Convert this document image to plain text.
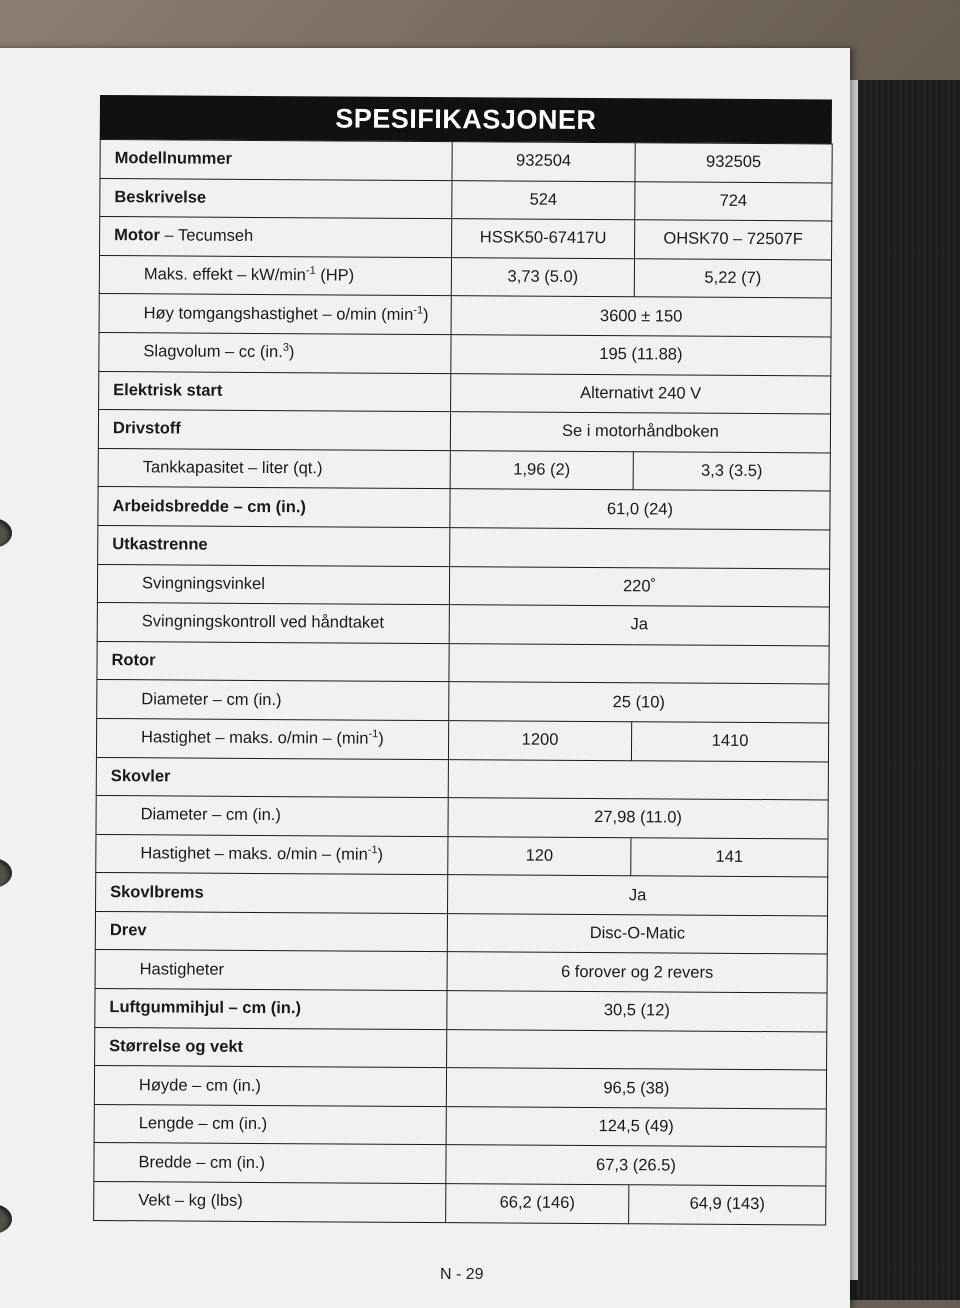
SPESIFIKASJONER
Modellnummer	932504	932505
Beskrivelse	524	724
Motor – Tecumseh	HSSK50-67417U	OHSK70 – 72507F
Maks. effekt – $kW/\min^{-1}$ (HP)	3,73 (5.0)	5,22 (7)
Høy tomgangshastighet – o/min $(\min^{-1})$	3600 ± 150	
Slagvolum – cc (in.$^3$)	195 (11.88)	
Elektrisk start	Alternativt 240 V	
Drivstoff	Se i motorhåndboken	
Tankkapasitet – liter (qt.)	1,96 (2)	3,3 (3.5)
Arbeidsbredde – cm (in.)	61,0 (24)	
Utkastrenne		
Svingningsvinkel	220˚	
Svingningskontroll ved håndtaket	Ja	
Rotor		
Diameter – cm (in.)	25 (10)	
Hastighet – maks. $o/\min - (\min^{-1})$	1200	1410
Skovler		
Diameter – cm (in.)	27,98 (11.0)	
Hastighet – maks. $o/\min - (\min^{-1})$	120	141
Skovlbrems	Ja	
Drev	Disc-O-Matic	
Hastigheter	6 forover og 2 revers	
Luftgummihjul – cm (in.)	30,5 (12)	
Størrelse og vekt		
Høyde – cm (in.)	96,5 (38)	
Lengde – cm (in.)	124,5 (49)	
Bredde – cm (in.)	67,3 (26.5)	
Vekt – kg (lbs)	66,2 (146)	64,9 (143)
N - 29
